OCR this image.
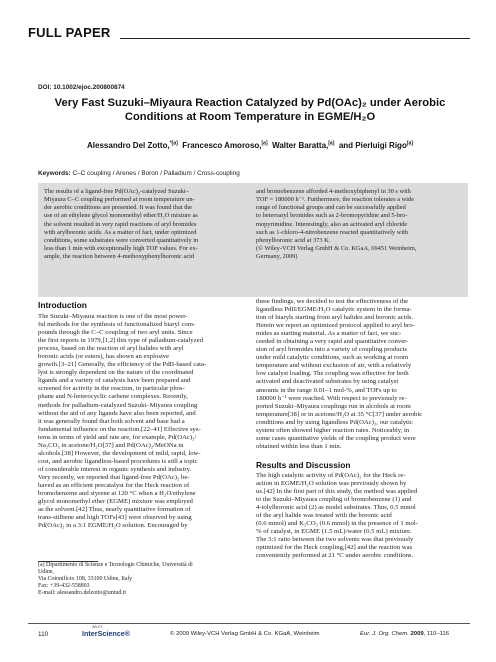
FULL PAPER
DOI: 10.1002/ejoc.200800874
Very Fast Suzuki–Miyaura Reaction Catalyzed by Pd(OAc)₂ under Aerobic
Conditions at Room Temperature in EGME/H₂O
Alessandro Del Zotto,$^{*[a]}$ Francesco Amoroso,[a] Walter Baratta,[a] and Pierluigi Rigo[a]
Keywords: C–C coupling / Arenes / Boron / Palladium / Cross-coupling
The results of a ligand-free Pd(OAc)₂-catalyzed Suzuki–
Miyaura C–C coupling performed at room temperature un-
der aerobic conditions are presented. It was found that the
use of an ethylene glycol monomethyl ether/H₂O mixture as
the solvent resulted in very rapid reactions of aryl bromides
with arylboronic acids. As a matter of fact, under optimized
conditions, some substrates were converted quantitatively in
less than 1 min with exceptionally high TOF values. For ex-
ample, the reaction between 4-methoxyphenylboronic acid
and bromobenzene afforded 4-methoxybiphenyl in 30 s with
TOF = 180000 h⁻¹. Furthermore, the reaction tolerates a wide
range of functional groups and can be successfully applied
to heteroaryl bromides such as 2-bromopyridine and 5-bro-
mopyrimidine. Interestingly, also an activated aryl chloride
such as 1-chloro-4-nitrobenzene reacted quantitatively with
phenylboronic acid at 373 K.
(© Wiley-VCH Verlag GmbH & Co. KGaA, 69451 Weinheim,
Germany, 2009)
Introduction
The Suzuki–Miyaura reaction is one of the most power-
ful methods for the synthesis of functionalized biaryl com-
pounds through the C–C coupling of two aryl units. Since
the first reports in 1979,[1,2] this type of palladium-catalyzed
process, based on the reaction of aryl halides with aryl
boronic acids (or esters), has shown an explosive
growth.[3–21] Generally, the efficiency of the PdII-based cata-
lyst is strongly dependent on the nature of the coordinated
ligands and a variety of catalysts have been prepared and
screened for activity in the reaction, in particular phos-
phane and N-heterocyclic carbene complexes. Recently,
methods for palladium-catalyzed Suzuki–Miyaura coupling
without the aid of any ligands have also been reported, and
it was generally found that both solvent and base had a
fundamental influence on the reaction.[22–41] Effective sys-
tems in terms of yield and rate are, for example, Pd(OAc)₂/
Na₂CO₃ in acetone/H₂O[37] and Pd(OAc)₂/MeONa in
alcohols.[38] However, the development of mild, rapid, low-
cost, and aerobic ligandless-based procedures is still a topic
of considerable interest in organic synthesis and industry.
Very recently, we reported that ligand-free Pd(OAc)₂ be-
haved as an efficient precatalyst for the Heck reaction of
bromobenzene and styrene at 120 °C when a H₂O/ethylene
glycol monomethyl ether (EGME) mixture was employed
as the solvent.[42] Thus, nearly quantitative formation of
trans-stilbene and high TOFs[43] were observed by using
Pd(OAc)₂ in a 3:1 EGME/H₂O solution. Encouraged by
these findings, we decided to test the effectiveness of the
ligandless PdII/EGME/H₂O catalytic system in the forma-
tion of biaryls starting from aryl halides and boronic acids.
Herein we report an optimized protocol applied to aryl bro-
mides as starting material. As a matter of fact, we suc-
ceeded in obtaining a very rapid and quantitative conver-
sion of aryl bromides into a variety of coupling products
under mild catalytic conditions, such as working at room
temperature and without exclusion of air, with a relatively
low catalyst loading. The coupling was effective for both
activated and deactivated substrates by using catalyst
amounts in the range 0.01–1 mol-%, and TOFs up to
180000 h⁻¹ were reached. With respect to previously re-
ported Suzuki–Miyaura couplings run in alcohols at room
temperature[38] or in acetone/H₂O at 35 °C[37] under aerobic
conditions and by using ligandless Pd(OAc)₂, our catalytic
system often showed higher reaction rates. Noticeably, in
some cases quantitative yields of the coupling product were
obtained within less than 1 min.
Results and Discussion
The high catalytic activity of Pd(OAc)₂ for the Heck re-
action in EGME/H₂O solution was previously shown by
us.[42] In the first part of this study, the method was applied
to the Suzuki–Miyaura coupling of bromobenzene (1) and
4-tolylboronic acid (2) as model substrates. Thus, 0.5 mmol
of the aryl halide was treated with the boronic acid
(0.6 mmol) and K₂CO₃ (0.6 mmol) in the presence of 1 mol-
% of catalyst, in EGME (1.5 mL)/water (0.5 mL) mixture.
The 3:1 ratio between the two solvents was that previously
optimized for the Heck coupling,[42] and the reaction was
conveniently performed at 21 °C under aerobic conditions.
[a] Dipartimento di Scienze e Tecnologie Chimiche, Università di
Udine,
Via Cotonificio 108, 33100 Udine, Italy
Fax: +39-432-558803
E-mail: alessandro.delzotto@uniud.it
110
WILEY
InterScience®	© 2009 Wiley-VCH Verlag GmbH & Co. KGaA, Weinheim	Eur. J. Org. Chem. 2009, 110–116
